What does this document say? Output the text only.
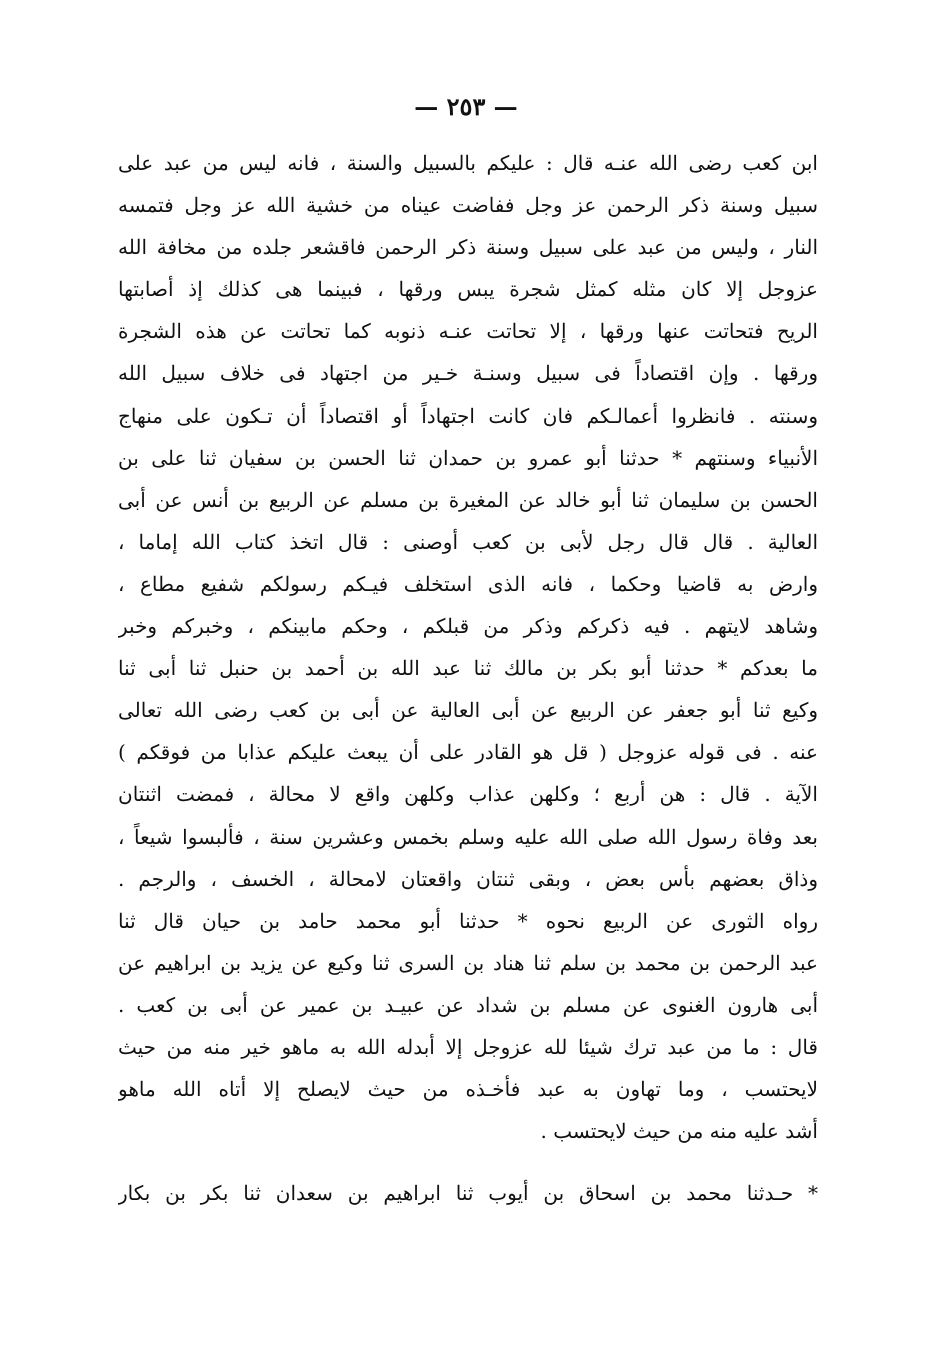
— ٢٥٣ —
ابن كعب رضى الله عنـه قال : عليكم بالسبيل والسنة ، فانه ليس من عبد على
سبيل وسنة ذكر الرحمن عز وجل ففاضت عيناه من خشية الله عز وجل فتمسه
النار ، وليس من عبد على سبيل وسنة ذكر الرحمن فاقشعر جلده من مخافة الله
عزوجل إلا كان مثله كمثل شجرة يبس ورقها ، فبينما هى كذلك إذ أصابتها
الريح فتحاتت عنها ورقها ، إلا تحاتت عنـه ذنوبه كما تحاتت عن هذه الشجرة
ورقها . وإن اقتصاداً فى سبيل وسنـة خـير من اجتهاد فى خلاف سبيل الله
وسنته . فانظروا أعمالـكم فان كانت اجتهاداً أو اقتصاداً أن تـكون على منهاج
الأنبياء وسنتهم * حدثنا أبو عمرو بن حمدان ثنا الحسن بن سفيان ثنا على بن
الحسن بن سليمان ثنا أبو خالد عن المغيرة بن مسلم عن الربيع بن أنس عن أبى
العالية . قال قال رجل لأبى بن كعب أوصنى : قال اتخذ كتاب الله إماما ،
وارض به قاضيا وحكما ، فانه الذى استخلف فيـكم رسولكم شفيع مطاع ،
وشاهد لايتهم . فيه ذكركم وذكر من قبلكم ، وحكم مابينكم ، وخبركم وخبر
ما بعدكم * حدثنا أبو بكر بن مالك ثنا عبد الله بن أحمد بن حنبل ثنا أبى ثنا
وكيع ثنا أبو جعفر عن الربيع عن أبى العالية عن أبى بن كعب رضى الله تعالى
عنه . فى قوله عزوجل ( قل هو القادر على أن يبعث عليكم عذابا من فوقكم )
الآية . قال : هن أربع ؛ وكلهن عذاب وكلهن واقع لا محالة ، فمضت اثنتان
بعد وفاة رسول الله صلى الله عليه وسلم بخمس وعشرين سنة ، فألبسوا شيعاً ،
وذاق بعضهم بأس بعض ، وبقى ثنتان واقعتان لامحالة ، الخسف ، والرجم .
رواه الثورى عن الربيع نحوه * حدثنا أبو محمد حامد بن حيان قال ثنا
عبد الرحمن بن محمد بن سلم ثنا هناد بن السرى ثنا وكيع عن يزيد بن ابراهيم عن
أبى هارون الغنوى عن مسلم بن شداد عن عبيـد بن عمير عن أبى بن كعب .
قال : ما من عبد ترك شيئا لله عزوجل إلا أبدله الله به ماهو خير منه من حيث
لايحتسب ، وما تهاون به عبد فأخـذه من حيث لايصلح إلا أتاه الله ماهو
أشد عليه منه من حيث لايحتسب .
* حـدثنا محمد بن اسحاق بن أيوب ثنا ابراهيم بن سعدان ثنا بكر بن بكار
